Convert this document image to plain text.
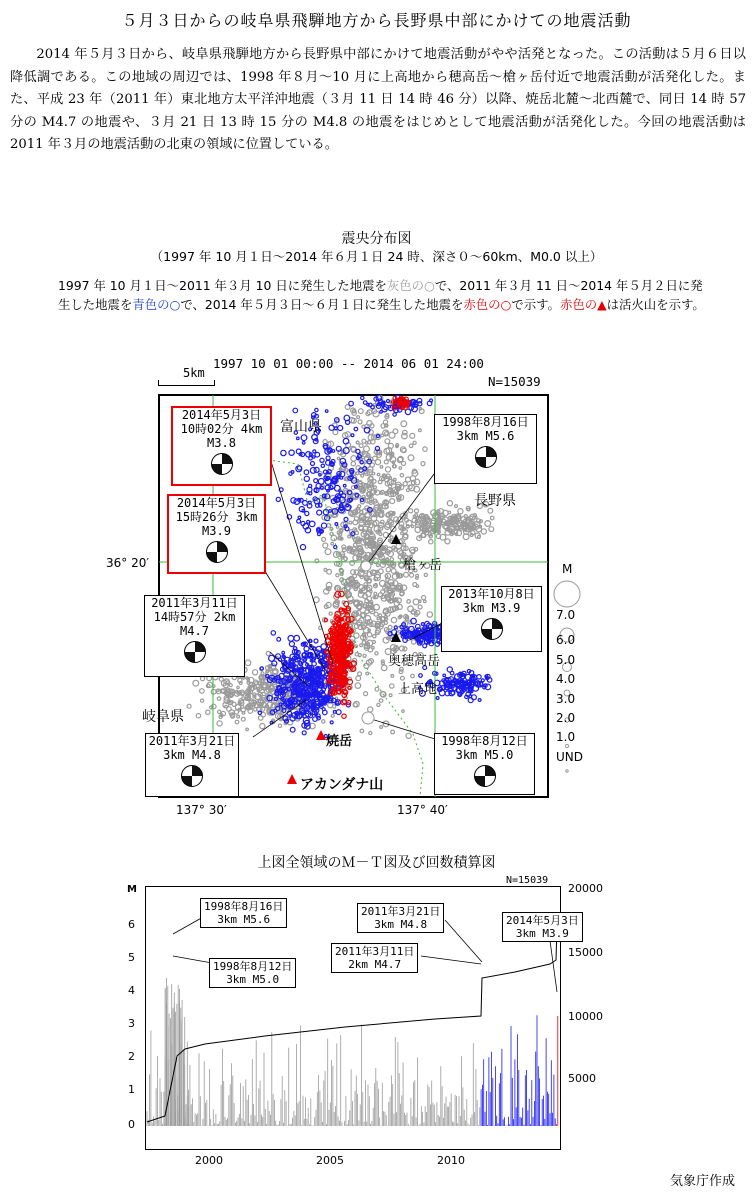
５月３日からの岐阜県飛騨地方から長野県中部にかけての地震活動
2014 年５月３日から、岐阜県飛騨地方から長野県中部にかけて地震活動がやや活発となった。この活動は５月６日以降低調である。この地域の周辺では、1998 年８月～10 月に上高地から穂高岳～槍ヶ岳付近で地震活動が活発化した。また、平成 23 年（2011 年）東北地方太平洋沖地震（３月 11 日 14 時 46 分）以降、焼岳北麓～北西麓で、同日 14 時 57 分の M4.7 の地震や、３月 21 日 13 時 15 分の M4.8 の地震をはじめとして地震活動が活発化した。今回の地震活動は 2011 年３月の地震活動の北東の領域に位置している。
震央分布図
（1997 年 10 月１日～2014 年６月１日 24 時、深さ０～60km、M0.0 以上）
1997 年 10 月１日～2011 年３月 10 日に発生した地震を灰色の○で、2011 年３月 11 日～2014 年５月２日に発生した地震を青色の○で、2014 年５月３日～６月１日に発生した地震を赤色の○で示す。赤色の▲は活火山を示す。
1997 10 01 00:00 -- 2014 06 01 24:00
N=15039
5km
36° 20′
137° 30′	137° 40′
富山県
長野県
岐阜県
槍ヶ岳
奥穂高岳
上高地
焼岳
アカンダナ山
2014年5月3日
10時02分 4km
M3.8
2014年5月3日
15時26分 3km
M3.9
2011年3月11日
14時57分 2km
M4.7
2011年3月21日
3km M4.8
1998年8月16日
3km M5.6
2013年10月8日
3km M3.9
1998年8月12日
3km M5.0
M
7.0
6.0
5.0
4.0
3.0
2.0
1.0
UND
上図全領域のＭ－Ｔ図及び回数積算図
N=15039
M
6
5
4
3
2
1
0
20000
15000
10000
5000
2000	2005	2010
1998年8月16日
3km M5.6
1998年8月12日
3km M5.0
2011年3月21日
3km M4.8
2011年3月11日
2km M4.7
2014年5月3日
3km M3.9
気象庁作成
